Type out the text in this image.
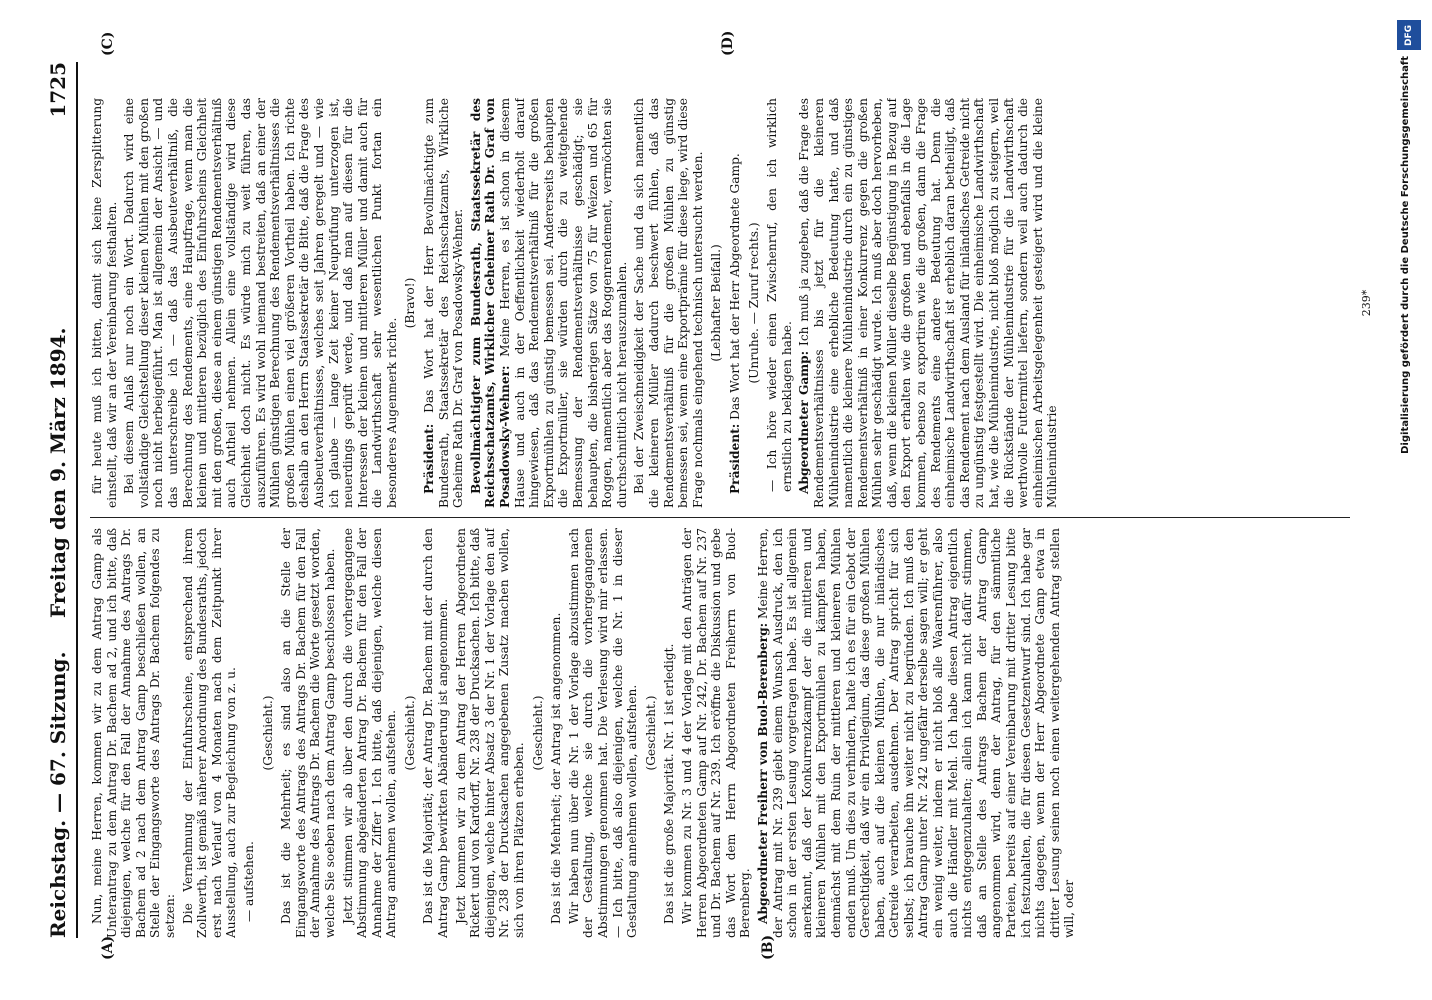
Reichstag. — 67. Sitzung.
Freitag den 9. März 1894.
1725
(A)	(B)
(C)	(D)

Nun, meine Herren, kommen wir zu dem Antrag Gamp als Unterantrag zu dem Antrag Dr. Bachem ad 2, und ich bitte, daß diejenigen, welche für den Fall der Annahme des Antrags Dr. Bachem ad 2 nach dem Antrag Gamp beschließen wollen, an Stelle der Eingangsworte des Antrags Dr. Bachem folgendes zu setzen: Die Vernehmung der Einfuhrscheine, entsprechend ihrem Zollwerth, ist gemäß näherer Anordnung des Bundesraths, jedoch erst nach Verlauf von 4 Monaten nach dem Zeitpunkt ihrer Ausstellung, auch zur Begleichung von z. u. — aufstehen.

(Geschieht.) Das ist die Mehrheit; es sind also an die Stelle der Eingangsworte des Antrags des Antrags Dr. Bachem für den Fall der Annahme des Antrags Dr. Bachem die Worte gesetzt worden, welche Sie soeben nach dem Antrag Gamp beschlossen haben. Jetzt stimmen wir ab über den durch die vorhergegangene Abstimmung abgeänderten Antrag Dr. Bachem für den Fall der Annahme der Ziffer 1. Ich bitte, daß diejenigen, welche diesen Antrag annehmen wollen, aufstehen. (Geschieht.) Das ist die Majorität; der Antrag Dr. Bachem mit der durch den Antrag Gamp bewirkten Abänderung ist angenommen. Jetzt kommen wir zu dem Antrag der Herren Abgeordneten Rickert und von Kardorff, Nr. 238 der Drucksachen. Ich bitte, daß diejenigen, welche hinter Absatz 3 der Nr. 1 der Vorlage den auf Nr. 238 der Drucksachen angegebenen Zusatz machen wollen, sich von ihren Plätzen erheben.

(Geschieht.) Das ist die Mehrheit; der Antrag ist angenommen. Wir haben nun über die Nr. 1 der Vorlage abzustimmen nach der Gestaltung, welche sie durch die vorhergegangenen Abstimmungen genommen hat. Die Verlesung wird mir erlassen. — Ich bitte, daß also diejenigen, welche die Nr. 1 in dieser Gestaltung annehmen wollen, aufstehen. (Geschieht.) Das ist die große Majorität. Nr. 1 ist erledigt. Wir kommen zu Nr. 3 und 4 der Vorlage mit den Anträgen der Herren Abgeordneten Gamp auf Nr. 242, Dr. Bachem auf Nr. 237 und Dr. Bachem auf Nr. 239. Ich eröffne die Diskussion und gebe das Wort dem Herrn Abgeordneten Freiherrn von Buol-Berenberg. Abgeordneter Freiherr von Buol-Berenberg: Meine Herren, der Antrag mit Nr. 239 giebt einem Wunsch Ausdruck, den ich schon in der ersten Lesung vorgetragen habe. Es ist allgemein anerkannt, daß der Konkurrenzkampf der die mittleren und kleineren Mühlen mit den Exportmühlen zu kämpfen haben, demnächst mit dem Ruin der mittleren und kleineren Mühlen enden muß. Um dies zu verhindern, halte ich es für ein Gebot der Gerechtigkeit, daß wir ein Privilegium, das diese großen Mühlen haben, auch auf die kleinen Mühlen, die nur inländisches Getreide verarbeiten, ausdehnen. Der Antrag spricht für sich selbst; ich brauche ihn weiter nicht zu begründen. Ich muß den Antrag Gamp unter Nr. 242 ungefähr derselbe sagen will; er geht ein wenig weiter, indem er nicht bloß alle Waarenführer, also auch die Händler mit Mehl. Ich habe diesen Antrag eigentlich nichts entgegenzuhalten; allein ich kann nicht dafür stimmen, daß an Stelle des Antrags Bachem der Antrag Gamp angenommen wird, denn der Antrag, für den sämmtliche Parteien, bereits auf einer Vereinbarung mit dritter Lesung bitte ich festzuhalten, die für diesen Gesetzentwurf sind. Ich habe gar nichts dagegen, wenn der Herr Abgeordnete Gamp etwa in dritter Lesung seinen noch einen weitergehenden Antrag stellen will, oder

für heute muß ich bitten, damit sich keine Zersplitterung einstellt, daß wir an der Vereinbarung festhalten. Bei diesem Anlaß nur noch ein Wort. Dadurch wird eine vollständige Gleichstellung dieser kleinen Mühlen mit den großen noch nicht herbeigeführt. Man ist allgemein der Ansicht — und das unterschreibe ich — daß das Ausbeuteverhältniß, die Berechnung des Rendements, eine Hauptfrage, wenn man die kleinen und mittleren bezüglich des Einfuhrscheins Gleichheit mit den großen, diese an einem günstigen Rendementsverhältniß auch Antheil nehmen. Allein eine vollständige wird diese Gleichheit doch nicht. Es würde mich zu weit führen, das auszuführen. Es wird wohl niemand bestreiten, daß an einer der Mühlen günstigen Berechnung des Rendementsverhältnisses die großen Mühlen einen viel größeren Vortheil haben. Ich richte deshalb an den Herrn Staatssekretär die Bitte, daß die Frage des Ausbeuteverhältnisses, welches seit Jahren geregelt und — wie ich glaube — lange Zeit keiner Neuprüfung unterzogen ist, neuerdings geprüft werde, und daß man auf diesen für die Interessen der kleinen und mittleren Müller und damit auch für die Landwirthschaft sehr wesentlichen Punkt fortan ein besonderes Augenmerk richte.

(Bravo!)

Präsident: Das Wort hat der Herr Bevollmächtigte zum Bundesrath, Staatssekretär des Reichsschatzamts, Wirkliche Geheime Rath Dr. Graf von Posadowsky-Wehner. Bevollmächtigter zum Bundesrath, Staatssekretär des Reichsschatzamts, Wirklicher Geheimer Rath Dr. Graf von Posadowsky-Wehner: Meine Herren, es ist schon in diesem Hause und auch in der Oeffentlichkeit wiederholt darauf hingewiesen, daß das Rendementsverhältniß für die großen Exportmühlen zu günstig bemessen sei. Andererseits behaupten die Exportmüller, sie würden durch die zu weitgehende Bemessung der Rendementsverhältnisse geschädigt; sie behaupten, die bisherigen Sätze von 75 für Weizen und 65 für Roggen, namentlich aber das Roggenrendement, vermöchten sie durchschnittlich nicht herauszumahlen. Bei der Zweischneidigkeit der Sache und da sich namentlich die kleineren Müller dadurch beschwert fühlen, daß das Rendementsverhältniß für die großen Mühlen zu günstig bemessen sei, wenn eine Exportprämie für diese liege, wird diese Frage nochmals eingehend technisch untersucht werden. (Lebhafter Beifall.)

Präsident: Das Wort hat der Herr Abgeordnete Gamp. (Unruhe. — Zuruf rechts.) — Ich höre wieder einen Zwischenruf, den ich wirklich ernstlich zu beklagen habe. Abgeordneter Gamp: Ich muß ja zugeben, daß die Frage des Rendementsverhältnisses bis jetzt für die kleineren Mühlenindustrie eine erhebliche Bedeutung hatte, und daß namentlich die kleinere Mühlenindustrie durch ein zu günstiges Rendementsverhältniß in einer Konkurrenz gegen die großen Mühlen sehr geschädigt wurde. Ich muß aber doch hervorheben, daß, wenn die kleinen Müller dieselbe Begünstigung in Bezug auf den Export erhalten wie die großen und ebenfalls in die Lage kommen, ebenso zu exportiren wie die großen, dann die Frage des Rendements eine andere Bedeutung hat. Denn die einheimische Landwirthschaft ist erheblich daran betheiligt, daß das Rendement nach dem Ausland für inländisches Getreide nicht zu ungünstig festgestellt wird. Die einheimische Landwirthschaft hat, wie die Mühlenindustrie, nicht bloß möglich zu steigern, weil die Rückstände der Mühlenindustrie für die Landwirthschaft werthvolle Futtermittel liefern, sondern weil auch dadurch die einheimischen Arbeitsgelegenheit gesteigert wird und die kleine Mühlenindustrie

239*
DFG
Digitalisierung gefördert durch die Deutsche Forschungsgemeinschaft
